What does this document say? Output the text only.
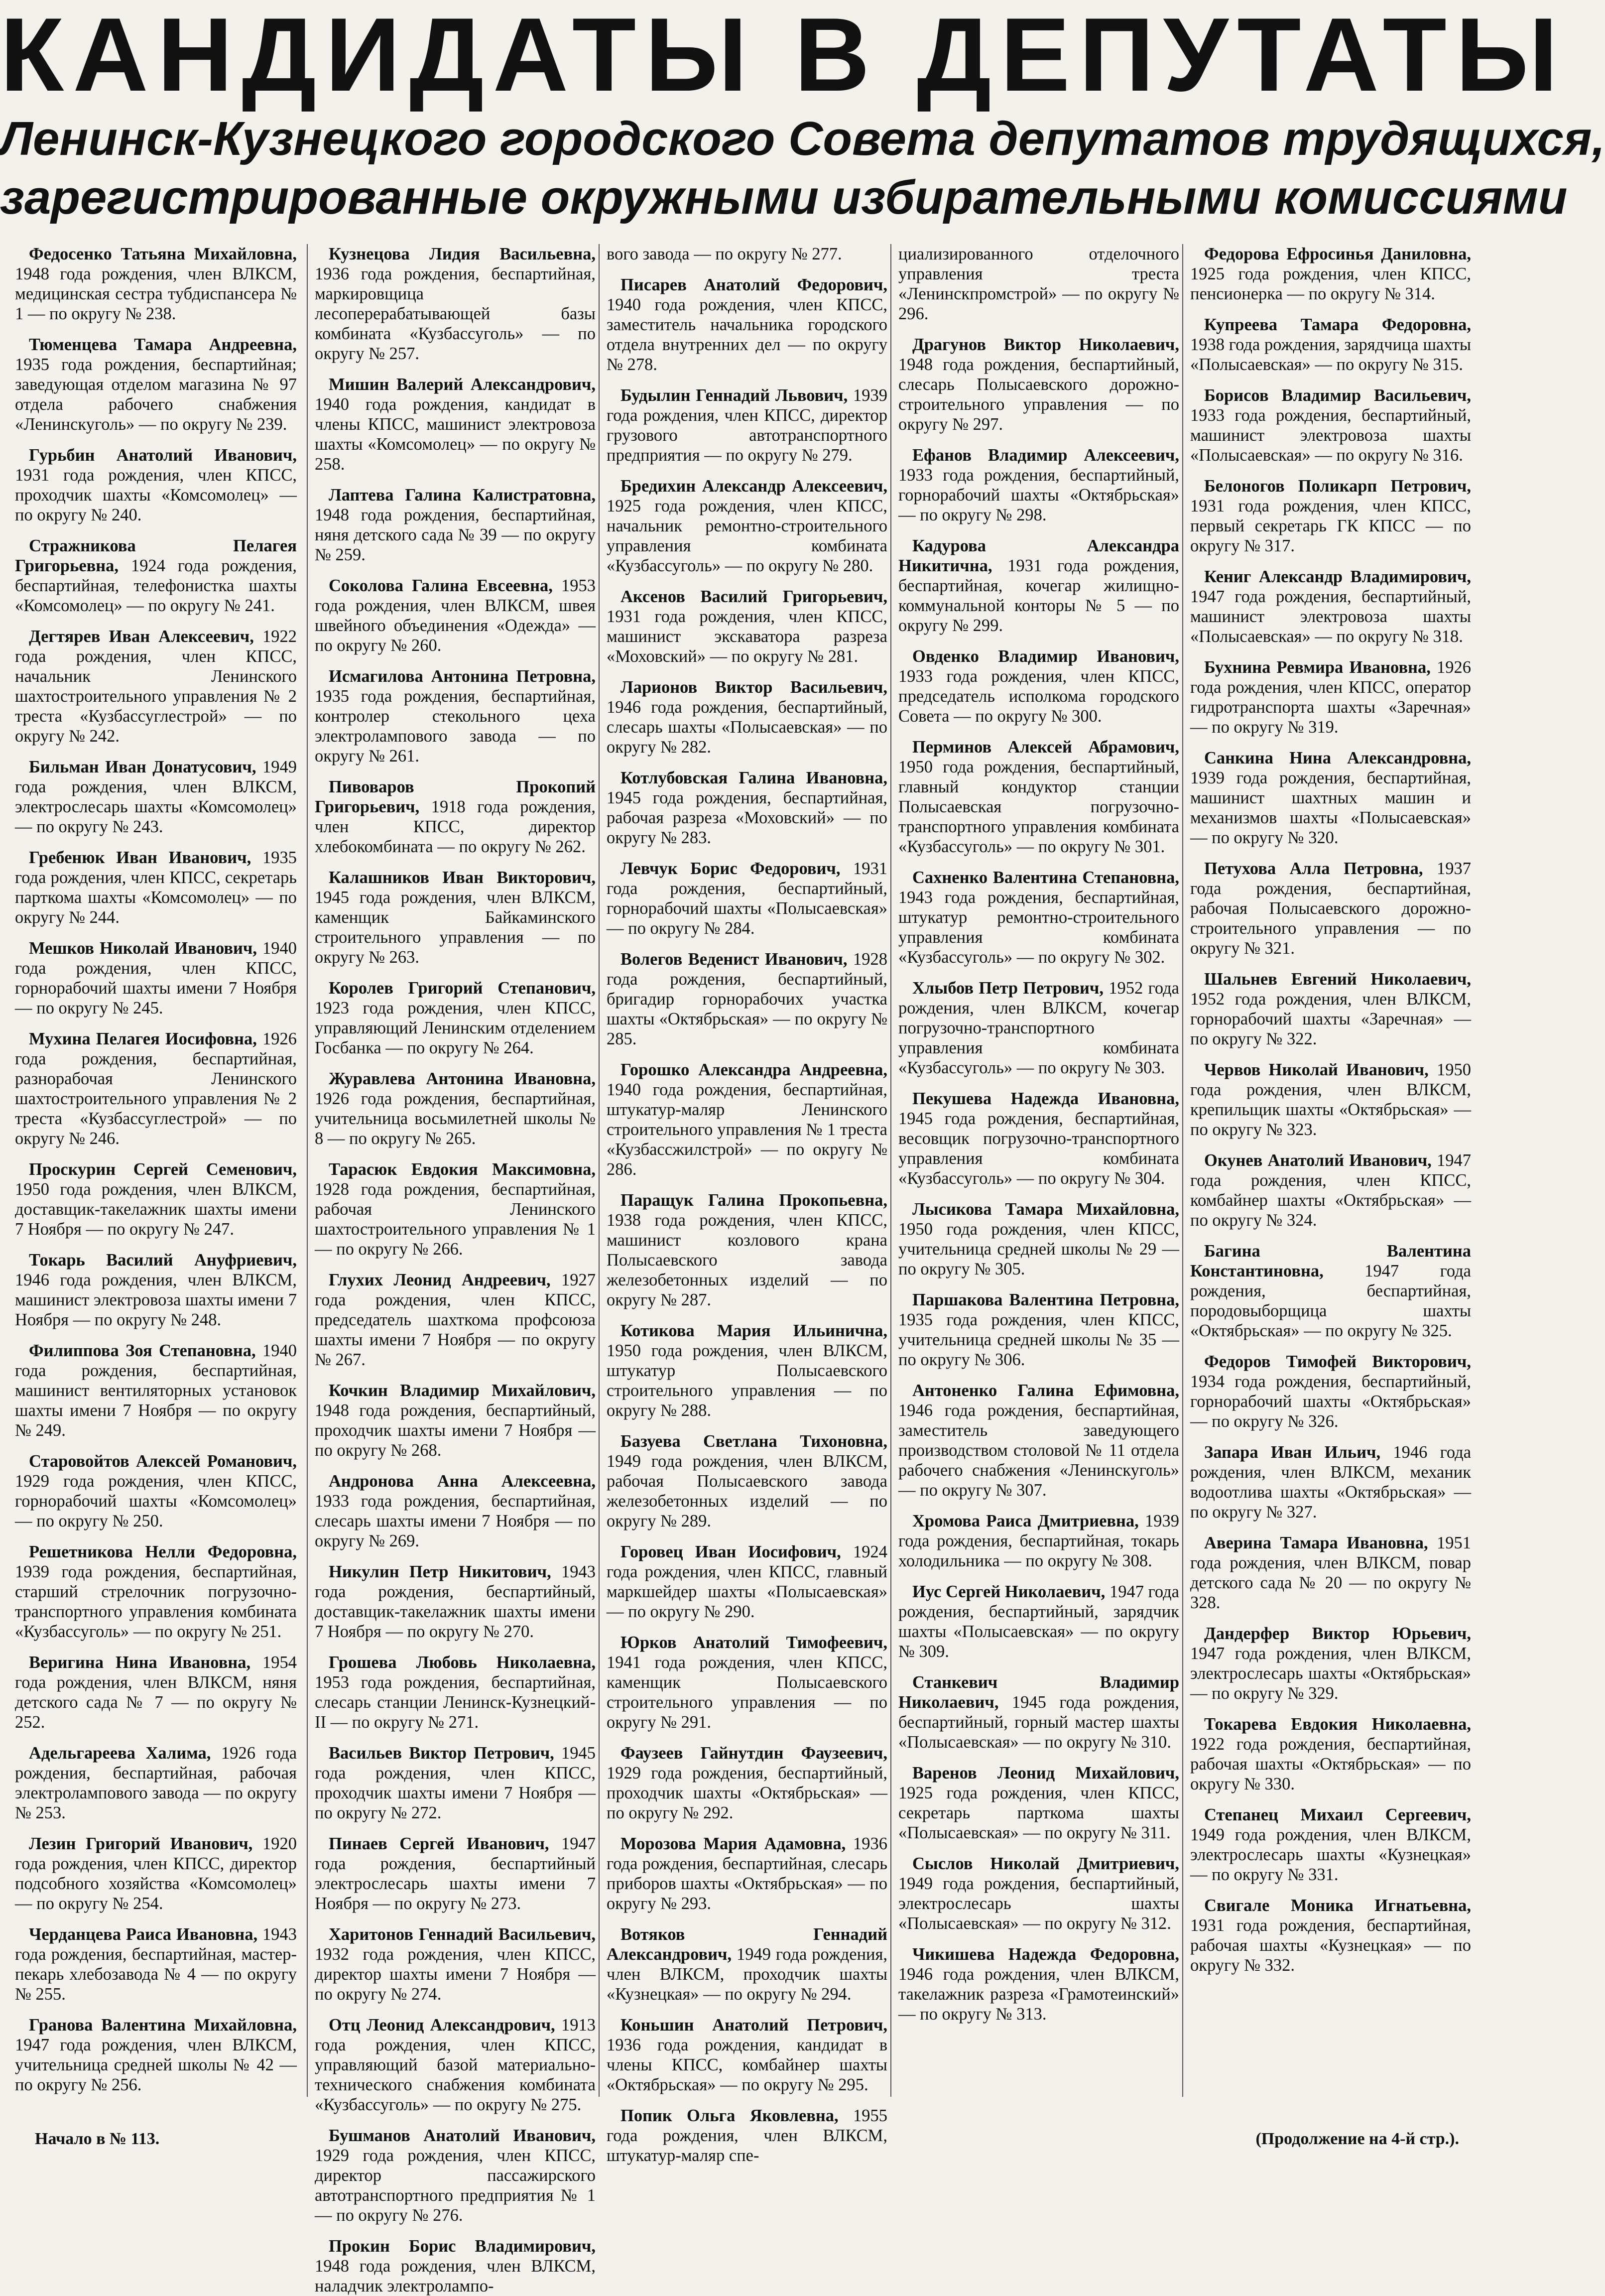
КАНДИДАТЫ В ДЕПУТАТЫ
Ленинск-Кузнецкого городского Совета депутатов трудящихся,
зарегистрированные окружными избирательными комиссиями

Федосенко Татьяна Михайловна, 1948 года рождения, член ВЛКСМ, медицинская сестра тубдиспансера № 1 — по округу № 238.

Тюменцева Тамара Андреевна, 1935 года рождения, беспартийная; заведующая отделом магазина № 97 отдела рабочего снабжения «Ленинскуголь» — по округу № 239.

Гурьбин Анатолий Иванович, 1931 года рождения, член КПСС, проходчик шахты «Комсомолец» — по округу № 240.

Стражникова Пелагея Григорьевна, 1924 года рождения, беспартийная, телефонистка шахты «Комсомолец» — по округу № 241.

Дегтярев Иван Алексеевич, 1922 года рождения, член КПСС, начальник Ленинского шахтостроительного управления № 2 треста «Кузбассуглестрой» — по округу № 242.

Бильман Иван Донатусович, 1949 года рождения, член ВЛКСМ, электрослесарь шахты «Комсомолец» — по округу № 243.

Гребенюк Иван Иванович, 1935 года рождения, член КПСС, секретарь парткома шахты «Комсомолец» — по округу № 244.

Мешков Николай Иванович, 1940 года рождения, член КПСС, горнорабочий шахты имени 7 Ноября — по округу № 245.

Мухина Пелагея Иосифовна, 1926 года рождения, беспартийная, разнорабочая Ленинского шахтостроительного управления № 2 треста «Кузбассуглестрой» — по округу № 246.

Проскурин Сергей Семенович, 1950 года рождения, член ВЛКСМ, доставщик-такелажник шахты имени 7 Ноября — по округу № 247.

Токарь Василий Ануфриевич, 1946 года рождения, член ВЛКСМ, машинист электровоза шахты имени 7 Ноября — по округу № 248.

Филиппова Зоя Степановна, 1940 года рождения, беспартийная, машинист вентиляторных установок шахты имени 7 Ноября — по округу № 249.

Старовойтов Алексей Романович, 1929 года рождения, член КПСС, горнорабочий шахты «Комсомолец» — по округу № 250.

Решетникова Нелли Федоровна, 1939 года рождения, беспартийная, старший стрелочник погрузочно-транспортного управления комбината «Кузбассуголь» — по округу № 251.

Веригина Нина Ивановна, 1954 года рождения, член ВЛКСМ, няня детского сада № 7 — по округу № 252.

Адельгареева Халима, 1926 года рождения, беспартийная, рабочая электролампового завода — по округу № 253.

Лезин Григорий Иванович, 1920 года рождения, член КПСС, директор подсобного хозяйства «Комсомолец» — по округу № 254.

Черданцева Раиса Ивановна, 1943 года рождения, беспартийная, мастер-пекарь хлебозавода № 4 — по округу № 255.

Гранова Валентина Михайловна, 1947 года рождения, член ВЛКСМ, учительница средней школы № 42 — по округу № 256.

Кузнецова Лидия Васильевна, 1936 года рождения, беспартийная, маркировщица лесоперерабатывающей базы комбината «Кузбассуголь» — по округу № 257.

Мишин Валерий Александрович, 1940 года рождения, кандидат в члены КПСС, машинист электровоза шахты «Комсомолец» — по округу № 258.

Лаптева Галина Калистратовна, 1948 года рождения, беспартийная, няня детского сада № 39 — по округу № 259.

Соколова Галина Евсеевна, 1953 года рождения, член ВЛКСМ, швея швейного объединения «Одежда» — по округу № 260.

Исмагилова Антонина Петровна, 1935 года рождения, беспартийная, контролер стекольного цеха электролампового завода — по округу № 261.

Пивоваров Прокопий Григорьевич, 1918 года рождения, член КПСС, директор хлебокомбината — по округу № 262.

Калашников Иван Викторович, 1945 года рождения, член ВЛКСМ, каменщик Байкаминского строительного управления — по округу № 263.

Королев Григорий Степанович, 1923 года рождения, член КПСС, управляющий Ленинским отделением Госбанка — по округу № 264.

Журавлева Антонина Ивановна, 1926 года рождения, беспартийная, учительница восьмилетней школы № 8 — по округу № 265.

Тарасюк Евдокия Максимовна, 1928 года рождения, беспартийная, рабочая Ленинского шахтостроительного управления № 1 — по округу № 266.

Глухих Леонид Андреевич, 1927 года рождения, член КПСС, председатель шахткома профсоюза шахты имени 7 Ноября — по округу № 267.

Кочкин Владимир Михайлович, 1948 года рождения, беспартийный, проходчик шахты имени 7 Ноября — по округу № 268.

Андронова Анна Алексеевна, 1933 года рождения, беспартийная, слесарь шахты имени 7 Ноября — по округу № 269.

Никулин Петр Никитович, 1943 года рождения, беспартийный, доставщик-такелажник шахты имени 7 Ноября — по округу № 270.

Грошева Любовь Николаевна, 1953 года рождения, беспартийная, слесарь станции Ленинск-Кузнецкий-II — по округу № 271.

Васильев Виктор Петрович, 1945 года рождения, член КПСС, проходчик шахты имени 7 Ноября — по округу № 272.

Пинаев Сергей Иванович, 1947 года рождения, беспартийный электрослесарь шахты имени 7 Ноября — по округу № 273.

Харитонов Геннадий Васильевич, 1932 года рождения, член КПСС, директор шахты имени 7 Ноября — по округу № 274.

Отц Леонид Александрович, 1913 года рождения, член КПСС, управляющий базой материально-технического снабжения комбината «Кузбассуголь» — по округу № 275.

Бушманов Анатолий Иванович, 1929 года рождения, член КПСС, директор пассажирского автотранспортного предприятия № 1 — по округу № 276.

Прокин Борис Владимирович, 1948 года рождения, член ВЛКСМ, наладчик электролампо-

вого завода — по округу № 277.

Писарев Анатолий Федорович, 1940 года рождения, член КПСС, заместитель начальника городского отдела внутренних дел — по округу № 278.

Будылин Геннадий Львович, 1939 года рождения, член КПСС, директор грузового автотранспортного предприятия — по округу № 279.

Бредихин Александр Алексеевич, 1925 года рождения, член КПСС, начальник ремонтно-строительного управления комбината «Кузбассуголь» — по округу № 280.

Аксенов Василий Григорьевич, 1931 года рождения, член КПСС, машинист экскаватора разреза «Моховский» — по округу № 281.

Ларионов Виктор Васильевич, 1946 года рождения, беспартийный, слесарь шахты «Полысаевская» — по округу № 282.

Котлубовская Галина Ивановна, 1945 года рождения, беспартийная, рабочая разреза «Моховский» — по округу № 283.

Левчук Борис Федорович, 1931 года рождения, беспартийный, горнорабочий шахты «Полысаевская» — по округу № 284.

Волегов Веденист Иванович, 1928 года рождения, беспартийный, бригадир горнорабочих участка шахты «Октябрьская» — по округу № 285.

Горошко Александра Андреевна, 1940 года рождения, беспартийная, штукатур-маляр Ленинского строительного управления № 1 треста «Кузбассжилстрой» — по округу № 286.

Паращук Галина Прокопьевна, 1938 года рождения, член КПСС, машинист козлового крана Полысаевского завода железобетонных изделий — по округу № 287.

Котикова Мария Ильинична, 1950 года рождения, член ВЛКСМ, штукатур Полысаевского строительного управления — по округу № 288.

Базуева Светлана Тихоновна, 1949 года рождения, член ВЛКСМ, рабочая Полысаевского завода железобетонных изделий — по округу № 289.

Горовец Иван Иосифович, 1924 года рождения, член КПСС, главный маркшейдер шахты «Полысаевская» — по округу № 290.

Юрков Анатолий Тимофеевич, 1941 года рождения, член КПСС, каменщик Полысаевского строительного управления — по округу № 291.

Фаузеев Гайнутдин Фаузеевич, 1929 года рождения, беспартийный, проходчик шахты «Октябрьская» — по округу № 292.

Морозова Мария Адамовна, 1936 года рождения, беспартийная, слесарь приборов шахты «Октябрьская» — по округу № 293.

Вотяков Геннадий Александрович, 1949 года рождения, член ВЛКСМ, проходчик шахты «Кузнецкая» — по округу № 294.

Коньшин Анатолий Петрович, 1936 года рождения, кандидат в члены КПСС, комбайнер шахты «Октябрьская» — по округу № 295.

Попик Ольга Яковлевна, 1955 года рождения, член ВЛКСМ, штукатур-маляр спе-

циализированного отделочного управления треста «Ленинскпромстрой» — по округу № 296.

Драгунов Виктор Николаевич, 1948 года рождения, беспартийный, слесарь Полысаевского дорожно-строительного управления — по округу № 297.

Ефанов Владимир Алексеевич, 1933 года рождения, беспартийный, горнорабочий шахты «Октябрьская» — по округу № 298.

Кадурова Александра Никитична, 1931 года рождения, беспартийная, кочегар жилищно-коммунальной конторы № 5 — по округу № 299.

Овденко Владимир Иванович, 1933 года рождения, член КПСС, председатель исполкома городского Совета — по округу № 300.

Перминов Алексей Абрамович, 1950 года рождения, беспартийный, главный кондуктор станции Полысаевская погрузочно-транспортного управления комбината «Кузбассуголь» — по округу № 301.

Сахненко Валентина Степановна, 1943 года рождения, беспартийная, штукатур ремонтно-строительного управления комбината «Кузбассуголь» — по округу № 302.

Хлыбов Петр Петрович, 1952 года рождения, член ВЛКСМ, кочегар погрузочно-транспортного управления комбината «Кузбассуголь» — по округу № 303.

Пекушева Надежда Ивановна, 1945 года рождения, беспартийная, весовщик погрузочно-транспортного управления комбината «Кузбассуголь» — по округу № 304.

Лысикова Тамара Михайловна, 1950 года рождения, член КПСС, учительница средней школы № 29 — по округу № 305.

Паршакова Валентина Петровна, 1935 года рождения, член КПСС, учительница средней школы № 35 — по округу № 306.

Антоненко Галина Ефимовна, 1946 года рождения, беспартийная, заместитель заведующего производством столовой № 11 отдела рабочего снабжения «Ленинскуголь» — по округу № 307.

Хромова Раиса Дмитриевна, 1939 года рождения, беспартийная, токарь холодильника — по округу № 308.

Иус Сергей Николаевич, 1947 года рождения, беспартийный, зарядчик шахты «Полысаевская» — по округу № 309.

Станкевич Владимир Николаевич, 1945 года рождения, беспартийный, горный мастер шахты «Полысаевская» — по округу № 310.

Варенов Леонид Михайлович, 1925 года рождения, член КПСС, секретарь парткома шахты «Полысаевская» — по округу № 311.

Сыслов Николай Дмитриевич, 1949 года рождения, беспартийный, электрослесарь шахты «Полысаевская» — по округу № 312.

Чикишева Надежда Федоровна, 1946 года рождения, член ВЛКСМ, такелажник разреза «Грамотеинский» — по округу № 313.

Федорова Ефросинья Даниловна, 1925 года рождения, член КПСС, пенсионерка — по округу № 314.

Купреева Тамара Федоровна, 1938 года рождения, зарядчица шахты «Полысаевская» — по округу № 315.

Борисов Владимир Васильевич, 1933 года рождения, беспартийный, машинист электровоза шахты «Полысаевская» — по округу № 316.

Белоногов Поликарп Петрович, 1931 года рождения, член КПСС, первый секретарь ГК КПСС — по округу № 317.

Кениг Александр Владимирович, 1947 года рождения, беспартийный, машинист электровоза шахты «Полысаевская» — по округу № 318.

Бухнина Ревмира Ивановна, 1926 года рождения, член КПСС, оператор гидротранспорта шахты «Заречная» — по округу № 319.

Санкина Нина Александровна, 1939 года рождения, беспартийная, машинист шахтных машин и механизмов шахты «Полысаевская» — по округу № 320.

Петухова Алла Петровна, 1937 года рождения, беспартийная, рабочая Полысаевского дорожно-строительного управления — по округу № 321.

Шальнев Евгений Николаевич, 1952 года рождения, член ВЛКСМ, горнорабочий шахты «Заречная» — по округу № 322.

Червов Николай Иванович, 1950 года рождения, член ВЛКСМ, крепильщик шахты «Октябрьская» — по округу № 323.

Окунев Анатолий Иванович, 1947 года рождения, член КПСС, комбайнер шахты «Октябрьская» — по округу № 324.

Багина Валентина Константиновна, 1947 года рождения, беспартийная, породовыборщица шахты «Октябрьская» — по округу № 325.

Федоров Тимофей Викторович, 1934 года рождения, беспартийный, горнорабочий шахты «Октябрьская» — по округу № 326.

Запара Иван Ильич, 1946 года рождения, член ВЛКСМ, механик водоотлива шахты «Октябрьская» — по округу № 327.

Аверина Тамара Ивановна, 1951 года рождения, член ВЛКСМ, повар детского сада № 20 — по округу № 328.

Дандерфер Виктор Юрьевич, 1947 года рождения, член ВЛКСМ, электрослесарь шахты «Октябрьская» — по округу № 329.

Токарева Евдокия Николаевна, 1922 года рождения, беспартийная, рабочая шахты «Октябрьская» — по округу № 330.

Степанец Михаил Сергеевич, 1949 года рождения, член ВЛКСМ, электрослесарь шахты «Кузнецкая» — по округу № 331.

Свигале Моника Игнатьевна, 1931 года рождения, беспартийная, рабочая шахты «Кузнецкая» — по округу № 332.

Начало в № 113.	(Продолжение на 4-й стр.).
